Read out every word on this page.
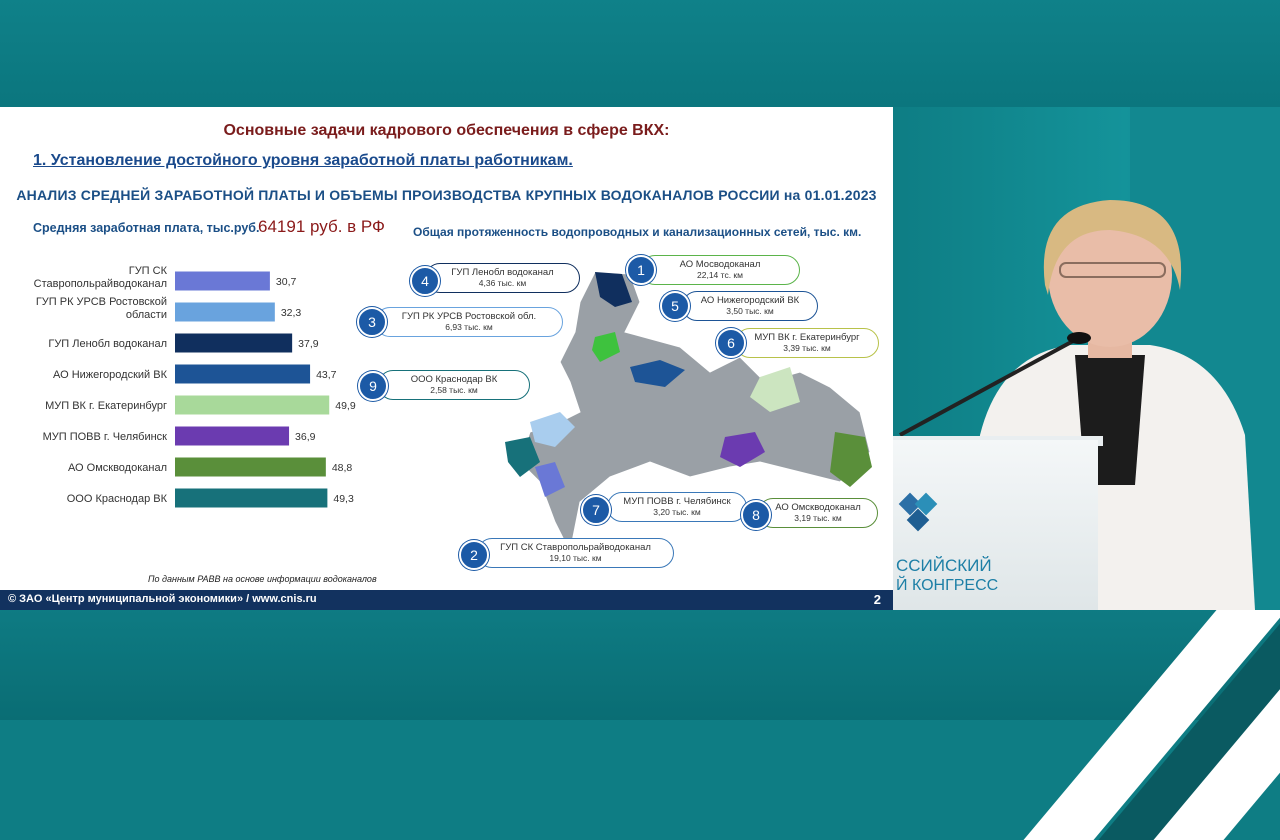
ССИЙСКИЙ
Й КОНГРЕСС
Основные задачи кадрового обеспечения в сфере ВКХ:
1. Установление достойного уровня заработной платы работникам.
АНАЛИЗ СРЕДНЕЙ ЗАРАБОТНОЙ ПЛАТЫ И ОБЪЕМЫ ПРОИЗВОДСТВА КРУПНЫХ ВОДОКАНАЛОВ РОССИИ на 01.01.2023
Средняя заработная плата, тыс.руб.
64191 руб. в РФ Общая протяженность водопроводных и канализационных сетей, тыс. км.
30,7
ГУП СК
Ставропольрайводоканал
32,3
ГУП РК УРСВ Ростовской
области
37,9
ГУП Ленобл водоканал
43,7
АО Нижегородский ВК
49,9
МУП ВК г. Екатеринбург
36,9
МУП ПОВВ г. Челябинск
48,8
АО Омскводоканал
49,3
ООО Краснодар ВК
АО Мосводоканал
22,14 тс. км
1
ГУП Ленобл водоканал
4,36 тыс. км
4
АО Нижегородский ВК
3,50 тыс. км
5
ГУП РК УРСВ Ростовской обл.
6,93 тыс. км
3
МУП ВК г. Екатеринбург
3,39 тыс. км
6
ООО Краснодар ВК
2,58 тыс. км
9
МУП ПОВВ г. Челябинск
3,20 тыс. км
7	АО Омскводоканал
3,19 тыс. км
8
ГУП СК Ставропольрайводоканал
19,10 тыс. км
2
По данным РАВВ на основе информации водоканалов
© ЗАО «Центр муниципальной экономики» / www.cnis.ru	2
